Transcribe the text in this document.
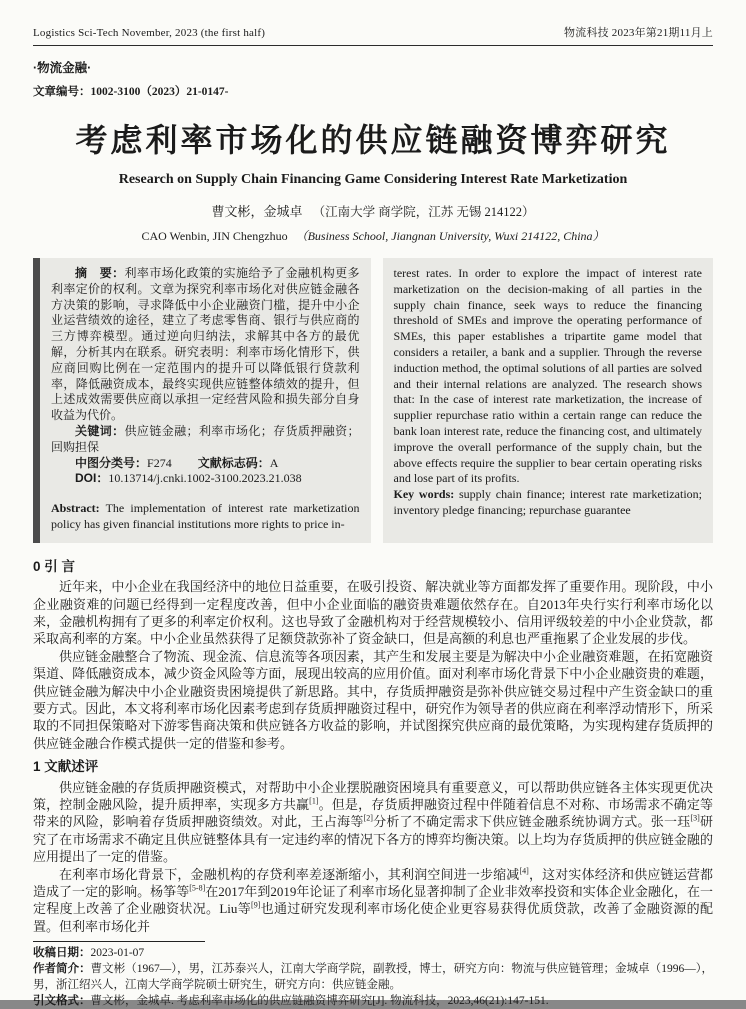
Logistics Sci-Tech November, 2023 (the first half)	物流科技 2023年第21期11月上
·物流金融·
文章编号：1002-3100（2023）21-0147-
考虑利率市场化的供应链融资博弈研究
Research on Supply Chain Financing Game Considering Interest Rate Marketization
曹文彬，金城卓 （江南大学 商学院，江苏 无锡 214122）
CAO Wenbin, JIN Chengzhuo （Business School, Jiangnan University, Wuxi 214122, China）

摘　要：利率市场化政策的实施给予了金融机构更多利率定价的权利。文章为探究利率市场化对供应链金融各方决策的影响，寻求降低中小企业融资门槛，提升中小企业运营绩效的途径，建立了考虑零售商、银行与供应商的三方博弈模型。通过逆向归纳法，求解其中各方的最优解，分析其内在联系。研究表明：利率市场化情形下，供应商回购比例在一定范围内的提升可以降低银行贷款利率，降低融资成本，最终实现供应链整体绩效的提升，但上述成效需要供应商以承担一定经营风险和损失部分自身收益为代价。

关键词：供应链金融；利率市场化；存货质押融资；回购担保

中图分类号：F274 文献标志码：A

DOI：10.13714/j.cnki.1002-3100.2023.21.038

Abstract: The implementation of interest rate marketization policy has given financial institutions more rights to price in-

terest rates. In order to explore the impact of interest rate marketization on the decision-making of all parties in the supply chain finance, seek ways to reduce the financing threshold of SMEs and improve the operating performance of SMEs, this paper establishes a tripartite game model that considers a retailer, a bank and a supplier. Through the reverse induction method, the optimal solutions of all parties are solved and their internal relations are analyzed. The research shows that: In the case of interest rate marketization, the increase of supplier repurchase ratio within a certain range can reduce the bank loan interest rate, reduce the financing cost, and ultimately improve the overall performance of the supply chain, but the above effects require the supplier to bear certain operating risks and lose part of its profits.

Key words: supply chain finance; interest rate marketization; inventory pledge financing; repurchase guarantee

0 引 言

近年来，中小企业在我国经济中的地位日益重要，在吸引投资、解决就业等方面都发挥了重要作用。现阶段，中小企业融资难的问题已经得到一定程度改善，但中小企业面临的融资贵难题依然存在。自2013年央行实行利率市场化以来，金融机构拥有了更多的利率定价权利。这也导致了金融机构对于经营规模较小、信用评级较差的中小企业贷款，都采取高利率的方案。中小企业虽然获得了足额贷款弥补了资金缺口，但是高额的利息也严重拖累了企业发展的步伐。

供应链金融整合了物流、现金流、信息流等各项因素，其产生和发展主要是为解决中小企业融资难题，在拓宽融资渠道、降低融资成本，减少资金风险等方面，展现出较高的应用价值。面对利率市场化背景下中小企业融资贵的难题，供应链金融为解决中小企业融资贵困境提供了新思路。其中，存货质押融资是弥补供应链交易过程中产生资金缺口的重要方式。因此，本文将利率市场化因素考虑到存货质押融资过程中，研究作为领导者的供应商在利率浮动情形下，所采取的不同担保策略对下游零售商决策和供应链各方收益的影响，并试图探究供应商的最优策略，为实现构建存货质押的供应链金融合作模式提供一定的借鉴和参考。

1 文献述评

供应链金融的存货质押融资模式，对帮助中小企业摆脱融资困境具有重要意义，可以帮助供应链各主体实现更优决策，控制金融风险，提升质押率，实现多方共赢[1]。但是，存货质押融资过程中伴随着信息不对称、市场需求不确定等带来的风险，影响着存货质押融资绩效。对此，王占海等[2]分析了不确定需求下供应链金融系统协调方式。张一珏[3]研究了在市场需求不确定且供应链整体具有一定违约率的情况下各方的博弈均衡决策。以上均为存货质押的供应链金融的应用提出了一定的借鉴。

在利率市场化背景下，金融机构的存贷利率差逐渐缩小，其利润空间进一步缩减[4]，这对实体经济和供应链运营都造成了一定的影响。杨筝等[5-8]在2017年到2019年论证了利率市场化显著抑制了企业非效率投资和实体企业金融化，在一定程度上改善了企业融资状况。Liu等[9]也通过研究发现利率市场化使企业更容易获得优质贷款，改善了金融资源的配置。但利率市场化并

收稿日期：2023-01-07

作者简介：曹文彬（1967—），男，江苏泰兴人，江南大学商学院，副教授，博士，研究方向：物流与供应链管理；金城卓（1996—），男，浙江绍兴人，江南大学商学院硕士研究生，研究方向：供应链金融。

引文格式：曹文彬，金城卓. 考虑利率市场化的供应链融资博弈研究[J]. 物流科技，2023,46(21):147-151.
